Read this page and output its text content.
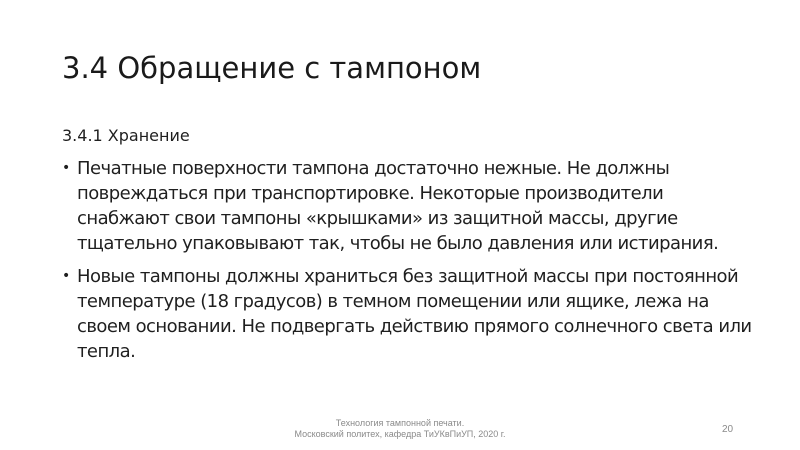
3.4 Обращение с тампоном
3.4.1 Хранение
• Печатные поверхности тампона достаточно нежные. Не должны повреждаться при транспортировке. Некоторые производители снабжают свои тампоны «крышками» из защитной массы, другие тщательно упаковывают так, чтобы не было давления или истирания.
• Новые тампоны должны храниться без защитной массы при постоянной температуре (18 градусов) в темном помещении или ящике, лежа на своем основании. Не подвергать действию прямого солнечного света или тепла.
Технология тампонной печати.
Московский политех, кафедра ТиУКвПиУП, 2020 г.	20
